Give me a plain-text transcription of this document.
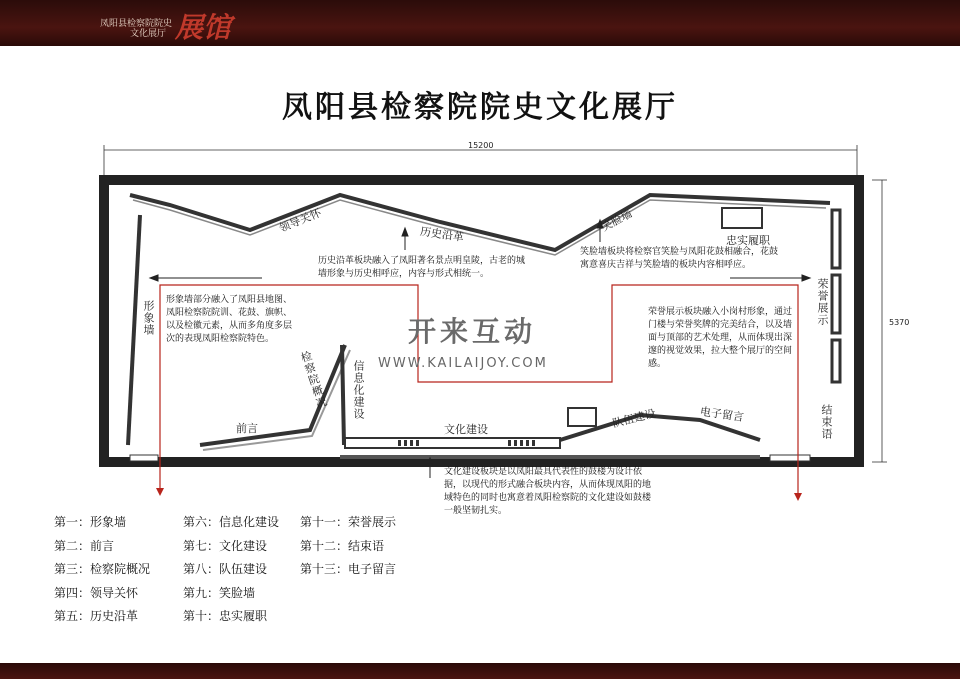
凤阳县检察院院史
文化展厅 展馆
凤阳县检察院院史文化展厅
15200
5370
形象墙
领导关怀	历史沿革
笑脸墙
忠实履职
荣誉展示
结束语
前言
检察院概况 信息化建设
文化建设	队伍建设	电子留言
历史沿革板块融入了凤阳著名景点明皇陵，古老的城墙形象与历史相呼应，内容与形式相统一。
笑脸墙板块将检察官笑脸与凤阳花鼓相融合，花鼓寓意喜庆吉祥与笑脸墙的板块内容相呼应。
形象墙部分融入了凤阳县地图、凤阳检察院院训、花鼓、旗帜、以及检徽元素，从而多角度多层次的表现凤阳检察院特色。
荣誉展示板块融入小岗村形象，通过门楼与荣誉奖牌的完美结合，以及墙面与顶部的艺术处理，从而体现出深邃的视觉效果，拉大整个展厅的空间感。
文化建设板块是以凤阳最具代表性的鼓楼为设计依据，以现代的形式融合板块内容，从而体现凤阳的地域特色的同时也寓意着凤阳检察院的文化建设如鼓楼一般坚韧扎实。
开来互动
WWW.KAILAIJOY.COM
第一：形象墙
第二：前言
第三：检察院概况
第四：领导关怀
第五：历史沿革
第六：信息化建设
第七：文化建设
第八：队伍建设
第九：笑脸墙
第十：忠实履职
第十一：荣誉展示
第十二：结束语
第十三：电子留言
